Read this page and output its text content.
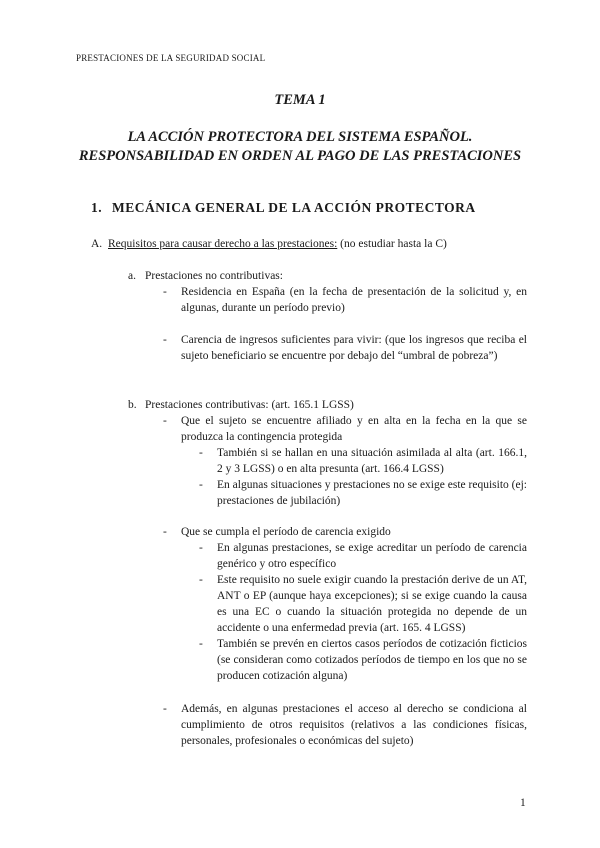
PRESTACIONES DE LA SEGURIDAD SOCIAL
TEMA 1
LA ACCIÓN PROTECTORA DEL SISTEMA ESPAÑOL.
RESPONSABILIDAD EN ORDEN AL PAGO DE LAS PRESTACIONES
1. MECÁNICA GENERAL DE LA ACCIÓN PROTECTORA
A. Requisitos para causar derecho a las prestaciones: (no estudiar hasta la C)
a. Prestaciones no contributivas:
- Residencia en España (en la fecha de presentación de la solicitud y, en algunas, durante un período previo)
- Carencia de ingresos suficientes para vivir: (que los ingresos que reciba el sujeto beneficiario se encuentre por debajo del “umbral de pobreza”)
b. Prestaciones contributivas: (art. 165.1 LGSS)
- Que el sujeto se encuentre afiliado y en alta en la fecha en la que se produzca la contingencia protegida
- También si se hallan en una situación asimilada al alta (art. 166.1, 2 y 3 LGSS) o en alta presunta (art. 166.4 LGSS)
- En algunas situaciones y prestaciones no se exige este requisito (ej: prestaciones de jubilación)
- Que se cumpla el período de carencia exigido
- En algunas prestaciones, se exige acreditar un período de carencia genérico y otro específico
- Este requisito no suele exigir cuando la prestación derive de un AT, ANT o EP (aunque haya excepciones); si se exige cuando la causa es una EC o cuando la situación protegida no depende de un accidente o una enfermedad previa (art. 165. 4 LGSS)
- También se prevén en ciertos casos períodos de cotización ficticios (se consideran como cotizados períodos de tiempo en los que no se producen cotización alguna)
- Además, en algunas prestaciones el acceso al derecho se condiciona al cumplimiento de otros requisitos (relativos a las condiciones físicas, personales, profesionales o económicas del sujeto)
1
